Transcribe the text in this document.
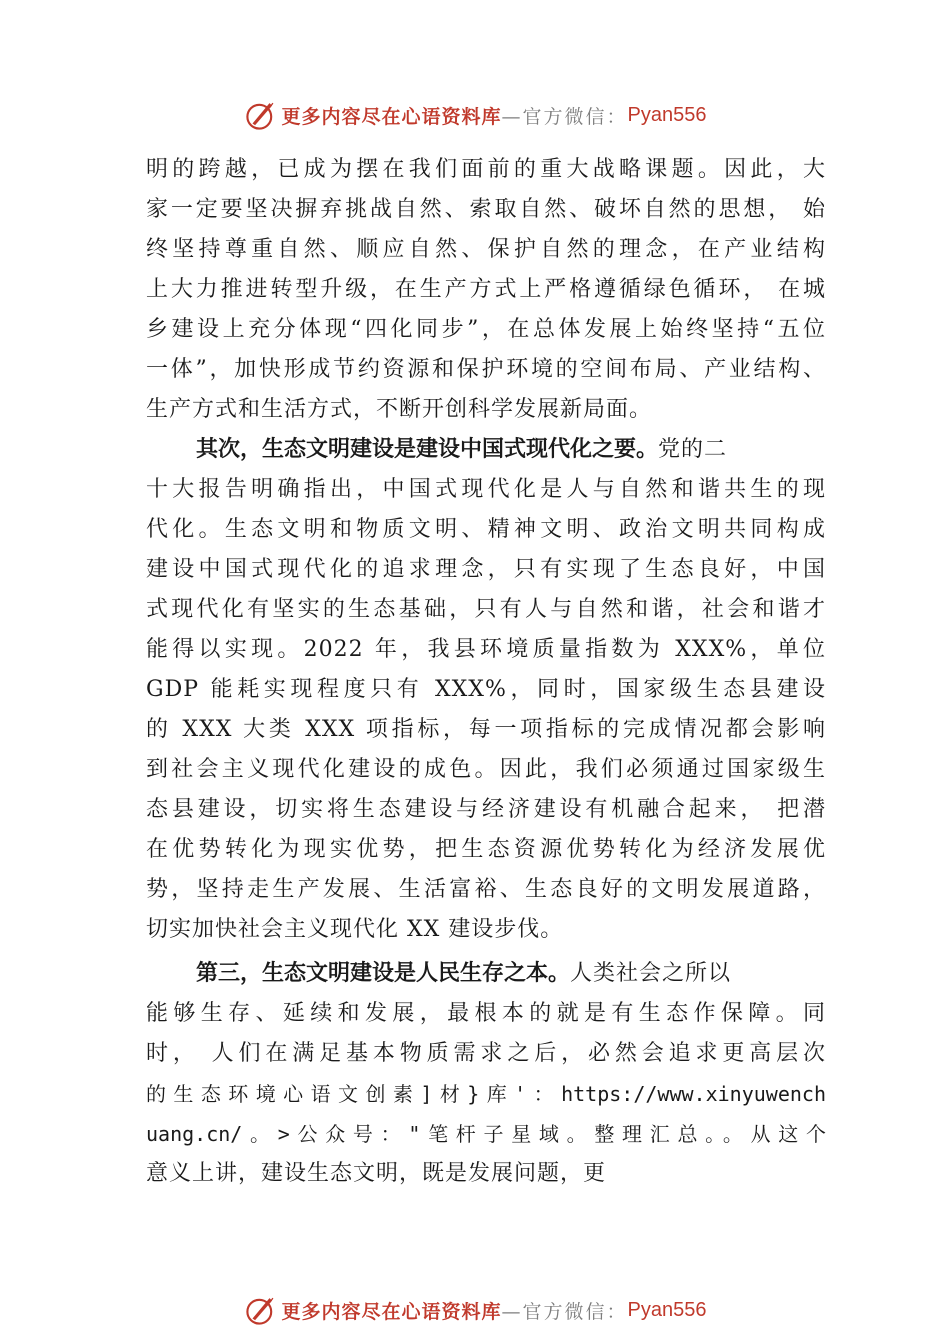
更多内容尽在心语资料库 —官方微信： Pyan556
明的跨越，已成为摆在我们面前的重大战略课题。因此，大
家一定要坚决摒弃挑战自然、索取自然、破坏自然的思想， 始
终坚持尊重自然、顺应自然、保护自然的理念，在产业结构
上大力推进转型升级，在生产方式上严格遵循绿色循环， 在城
乡建设上充分体现“四化同步”，在总体发展上始终坚持“五位
一体”，加快形成节约资源和保护环境的空间布局、产业结构、
生产方式和生活方式，不断开创科学发展新局面。
其次，生态文明建设是建设中国式现代化之要。党的二
十大报告明确指出，中国式现代化是人与自然和谐共生的现
代化。生态文明和物质文明、精神文明、政治文明共同构成
建设中国式现代化的追求理念，只有实现了生态良好，中国
式现代化有坚实的生态基础，只有人与自然和谐，社会和谐才
能得以实现。2022 年，我县环境质量指数为 XXX%，单位
GDP 能耗实现程度只有 XXX%，同时，国家级生态县建设
的 XXX 大类 XXX 项指标，每一项指标的完成情况都会影响
到社会主义现代化建设的成色。因此，我们必须通过国家级生
态县建设，切实将生态建设与经济建设有机融合起来， 把潜
在优势转化为现实优势，把生态资源优势转化为经济发展优
势，坚持走生产发展、生活富裕、生态良好的文明发展道路，
切实加快社会主义现代化 XX 建设步伐。
第三，生态文明建设是人民生存之本。人类社会之所以
能够生存、延续和发展，最根本的就是有生态作保障。同
时， 人们在满足基本物质需求之后，必然会追求更高层次
的生态环境心语文创素]材}库'：https://www.xinyuwench
uang.cn/。>公众号："笔杆子星域。整理汇总。。从这个
意义上讲，建设生态文明，既是发展问题，更
更多内容尽在心语资料库 —官方微信： Pyan556
